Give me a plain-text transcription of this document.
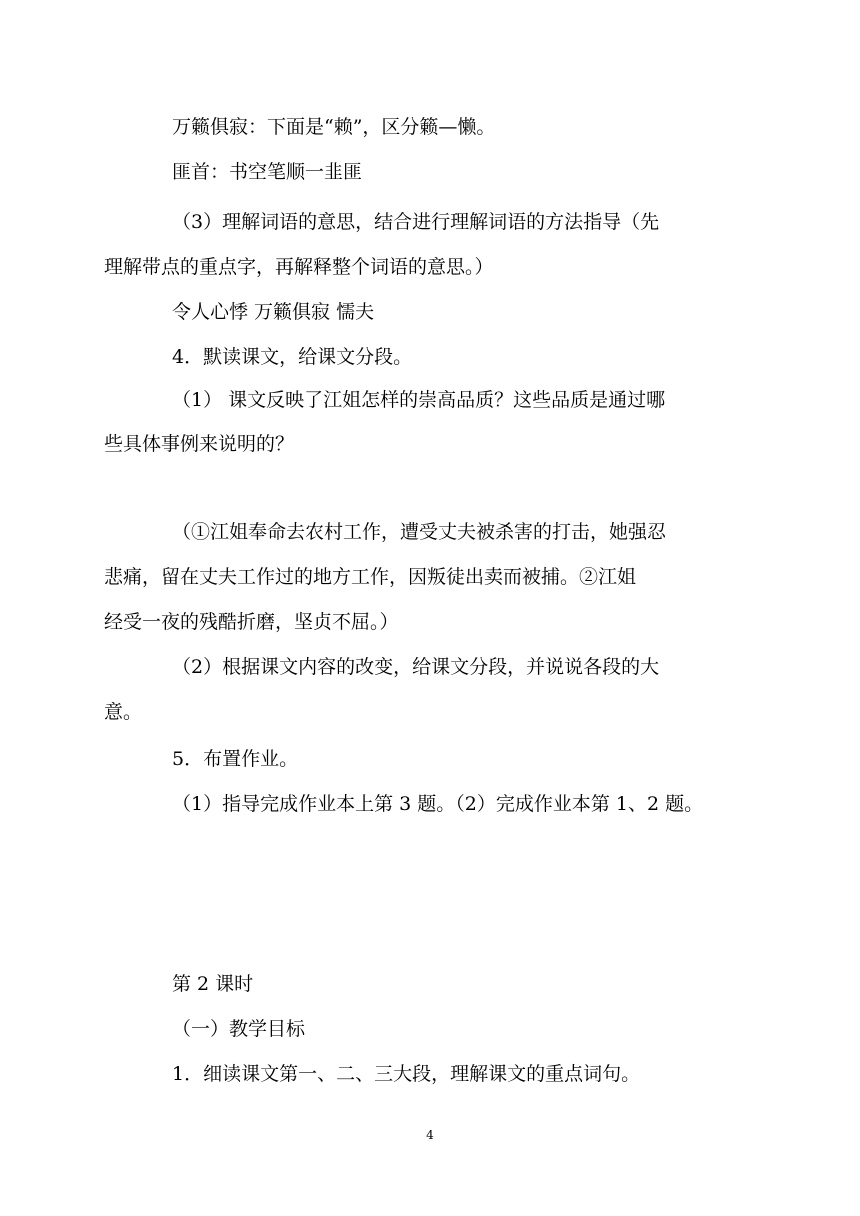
万籁俱寂：下面是“赖”，区分籁—懒。
匪首：书空笔顺一韭匪
（3）理解词语的意思，结合进行理解词语的方法指导（先
理解带点的重点字，再解释整个词语的意思。）
令人心悸 万籁俱寂 懦夫
4．默读课文，给课文分段。
（1） 课文反映了江姐怎样的崇高品质？这些品质是通过哪
些具体事例来说明的？
（①江姐奉命去农村工作，遭受丈夫被杀害的打击，她强忍
悲痛，留在丈夫工作过的地方工作，因叛徒出卖而被捕。②江姐
经受一夜的残酷折磨，坚贞不屈。）
（2）根据课文内容的改变，给课文分段，并说说各段的大
意。
5．布置作业。
（1）指导完成作业本上第 3 题。（2）完成作业本第 1、2 题。
第 2 课时
（一）教学目标
1．细读课文第一、二、三大段，理解课文的重点词句。
4
